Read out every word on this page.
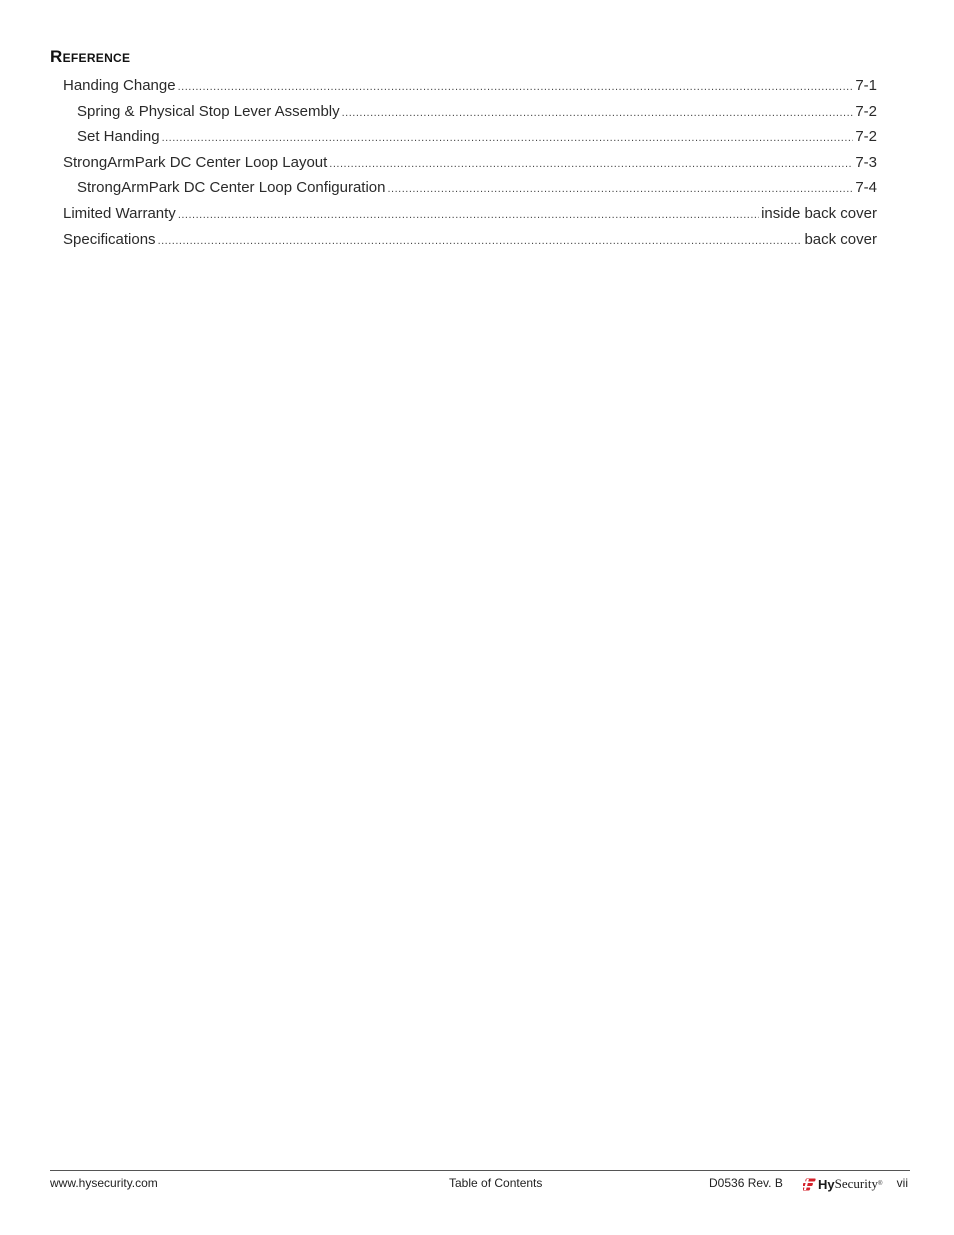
Reference
Handing Change .....	7-1
Spring & Physical Stop Lever Assembly .....	7-2
Set Handing .....	7-2
StrongArmPark DC Center Loop Layout .....	7-3
StrongArmPark DC Center Loop Configuration .....	7-4
Limited Warranty .....	inside back cover
Specifications .....	back cover
www.hysecurity.com	Table of Contents	D0536 Rev. B	Hy Security ® vii
